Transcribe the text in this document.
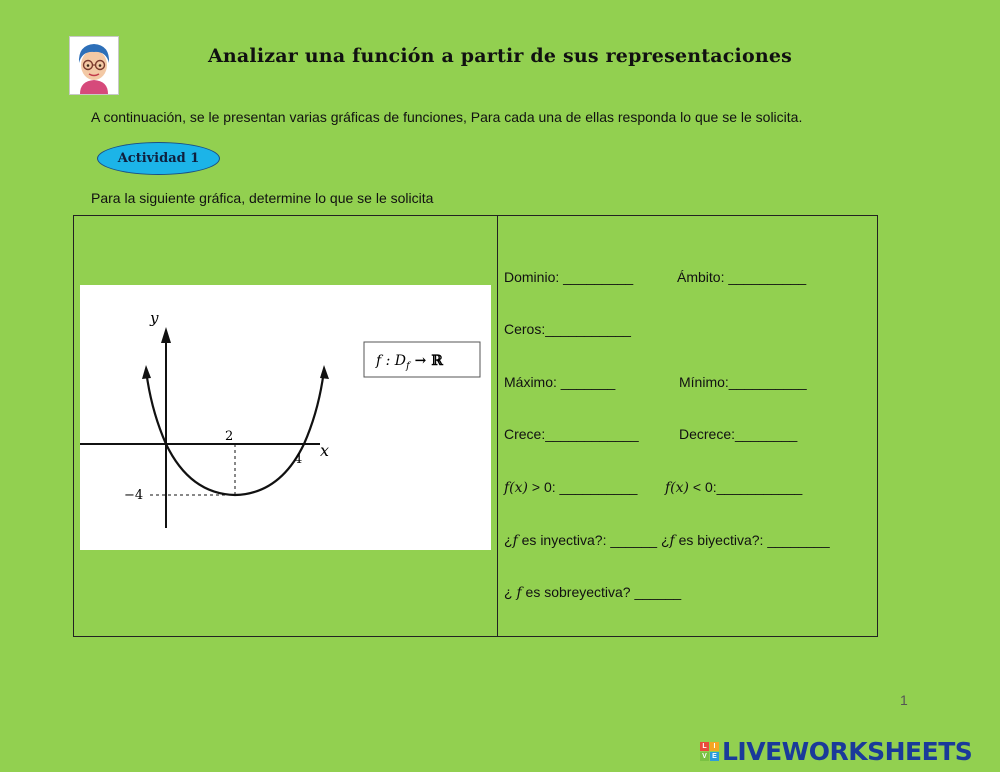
Analizar una función a partir de sus representaciones
A continuación, se le presentan varias gráficas de funciones, Para cada una de ellas responda lo que se le solicita.
Actividad 1
Para la siguiente gráfica, determine lo que se le solicita
y
x
2
4
−4
f : $D_f$ → ℝ
Dominio: _________	Ámbito: __________
Ceros:___________
Máximo: _______	Mínimo:__________
Crece:____________	Decrece:________
f(x) > 0: __________ f(x) < 0:___________
¿f es inyectiva?: ______ ¿f es biyectiva?: ________
¿ f es sobreyectiva? ______
1
L I
V E LIVEWORKSHEETS
